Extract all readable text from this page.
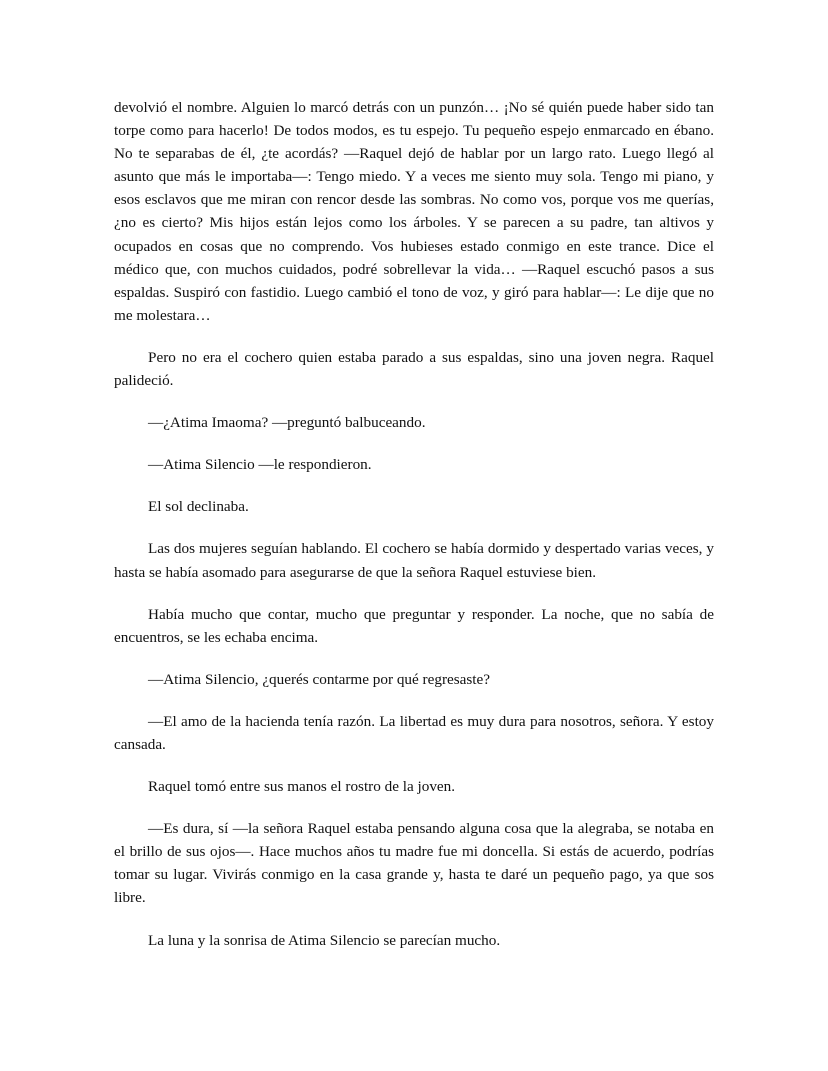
devolvió el nombre. Alguien lo marcó detrás con un punzón… ¡No sé quién puede haber sido tan torpe como para hacerlo! De todos modos, es tu espejo. Tu pequeño espejo enmarcado en ébano. No te separabas de él, ¿te acordás? —Raquel dejó de hablar por un largo rato. Luego llegó al asunto que más le importaba—: Tengo miedo. Y a veces me siento muy sola. Tengo mi piano, y esos esclavos que me miran con rencor desde las sombras. No como vos, porque vos me querías, ¿no es cierto? Mis hijos están lejos como los árboles. Y se parecen a su padre, tan altivos y ocupados en cosas que no comprendo. Vos hubieses estado conmigo en este trance. Dice el médico que, con muchos cuidados, podré sobrellevar la vida… —Raquel escuchó pasos a sus espaldas. Suspiró con fastidio. Luego cambió el tono de voz, y giró para hablar—: Le dije que no me molestara…

Pero no era el cochero quien estaba parado a sus espaldas, sino una joven negra. Raquel palideció.

—¿Atima Imaoma? —preguntó balbuceando.

—Atima Silencio —le respondieron.

El sol declinaba.

Las dos mujeres seguían hablando. El cochero se había dormido y despertado varias veces, y hasta se había asomado para asegurarse de que la señora Raquel estuviese bien.

Había mucho que contar, mucho que preguntar y responder. La noche, que no sabía de encuentros, se les echaba encima.

—Atima Silencio, ¿querés contarme por qué regresaste?

—El amo de la hacienda tenía razón. La libertad es muy dura para nosotros, señora. Y estoy cansada.

Raquel tomó entre sus manos el rostro de la joven.

—Es dura, sí —la señora Raquel estaba pensando alguna cosa que la alegraba, se notaba en el brillo de sus ojos—. Hace muchos años tu madre fue mi doncella. Si estás de acuerdo, podrías tomar su lugar. Vivirás conmigo en la casa grande y, hasta te daré un pequeño pago, ya que sos libre.

La luna y la sonrisa de Atima Silencio se parecían mucho.
